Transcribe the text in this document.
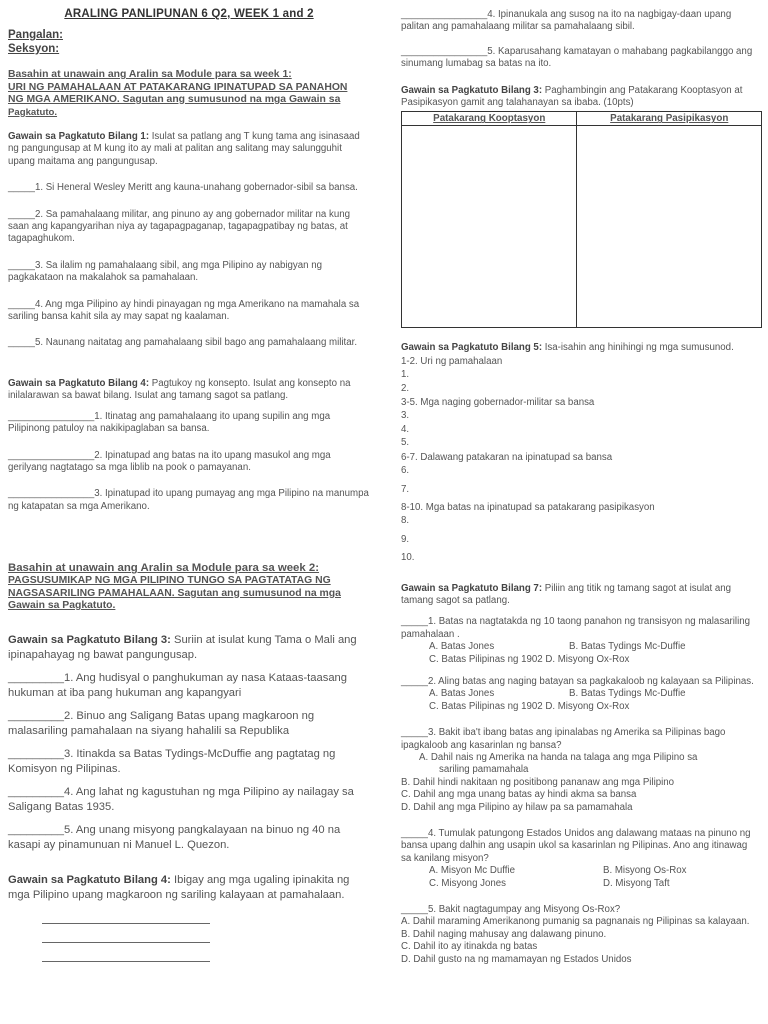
ARALING PANLIPUNAN 6 Q2, WEEK 1 and 2
Pangalan:
Seksyon:
Basahin at unawain ang Aralin sa Module para sa week 1:
URI NG PAMAHALAAN AT PATAKARANG IPINATUPAD SA PANAHON
NG MGA AMERIKANO. Sagutan ang sumusunod na mga Gawain sa
Pagkatuto.
Gawain sa Pagkatuto Bilang 1: Isulat sa patlang ang T kung tama ang isinasaad ng pangungusap at M kung ito ay mali at palitan ang salitang may salungguhit upang maitama ang pangungusap.
_____1. Si Heneral Wesley Meritt ang kauna-unahang gobernador-sibil sa bansa.
_____2. Sa pamahalaang militar, ang pinuno ay ang gobernador militar na kung saan ang kapangyarihan niya ay tagapagpaganap, tagapagpatibay ng batas, at tagapaghukom.
_____3. Sa ilalim ng pamahalaang sibil, ang mga Pilipino ay nabigyan ng pagkakataon na makalahok sa pamahalaan.
_____4. Ang mga Pilipino ay hindi pinayagan ng mga Amerikano na mamahala sa sariling bansa kahit sila ay may sapat ng kaalaman.
_____5. Naunang naitatag ang pamahalaang sibil bago ang pamahalaang militar.
Gawain sa Pagkatuto Bilang 4: Pagtukoy ng konsepto. Isulat ang konsepto na inilalarawan sa bawat bilang. Isulat ang tamang sagot sa patlang.
________________1. Itinatag ang pamahalaang ito upang supilin ang mga Pilipinong patuloy na nakikipaglaban sa bansa.
________________2. Ipinatupad ang batas na ito upang masukol ang mga gerilyang nagtatago sa mga liblib na pook o pamayanan.
________________3. Ipinatupad ito upang pumayag ang mga Pilipino na manumpa ng katapatan sa mga Amerikano.
Basahin at unawain ang Aralin sa Module para sa week 2:
PAGSUSUMIKAP NG MGA PILIPINO TUNGO SA PAGTATATAG NG
NAGSASARILING PAMAHALAAN. Sagutan ang sumusunod na mga
Gawain sa Pagkatuto.
Gawain sa Pagkatuto Bilang 3: Suriin at isulat kung Tama o Mali ang ipinapahayag ng bawat pangungusap.
_________1. Ang hudisyal o panghukuman ay nasa Kataas-taasang hukuman at iba pang hukuman ang kapangyari
_________2. Binuo ang Saligang Batas upang magkaroon ng malasariling pamahalaan na siyang hahalili sa Republika
_________3. Itinakda sa Batas Tydings-McDuffie ang pagtatag ng Komisyon ng Pilipinas.
_________4. Ang lahat ng kagustuhan ng mga Pilipino ay nailagay sa Saligang Batas 1935.
_________5. Ang unang misyong pangkalayaan na binuo ng 40 na kasapi ay pinamunuan ni Manuel L. Quezon.
Gawain sa Pagkatuto Bilang 4: Ibigay ang mga ugaling ipinakita ng mga Pilipino upang magkaroon ng sariling kalayaan at pamahalaan.
________________4. Ipinanukala ang susog na ito na nagbigay-daan upang palitan ang pamahalaang militar sa pamahalaang sibil.
________________5. Kaparusahang kamatayan o mahabang pagkabilanggo ang sinumang lumabag sa batas na ito.
Gawain sa Pagkatuto Bilang 3: Paghambingin ang Patakarang Kooptasyon at Pasipikasyon gamit ang talahanayan sa ibaba. (10pts)
Patakarang Kooptasyon	Patakarang Pasipikasyon

Gawain sa Pagkatuto Bilang 5: Isa-isahin ang hinihingi ng mga sumusunod.
1-2. Uri ng pamahalaan
1.
2.
3-5. Mga naging gobernador-militar sa bansa
3.
4.
5.
6-7. Dalawang patakaran na ipinatupad sa bansa
6.
7.
8-10. Mga batas na ipinatupad sa patakarang pasipikasyon
8.
9.
10.
Gawain sa Pagkatuto Bilang 7: Piliin ang titik ng tamang sagot at isulat ang tamang sagot sa patlang.
_____1. Batas na nagtatakda ng 10 taong panahon ng transisyon ng malasariling pamahalaan .
A. Batas Jones	B. Batas Tydings Mc-Duffie
C. Batas Pilipinas ng 1902 D. Misyong Ox-Rox
_____2. Aling batas ang naging batayan sa pagkakaloob ng kalayaan sa Pilipinas.
A. Batas Jones	B. Batas Tydings Mc-Duffie
C. Batas Pilipinas ng 1902 D. Misyong Ox-Rox
_____3. Bakit iba't ibang batas ang ipinalabas ng Amerika sa Pilipinas bago ipagkaloob ang kasarinlan ng bansa?
A. Dahil nais ng Amerika na handa na talaga ang mga Pilipino sa
sariling pamamahala
B. Dahil hindi nakitaan ng positibong pananaw ang mga Pilipino
C. Dahil ang mga unang batas ay hindi akma sa bansa
D. Dahil ang mga Pilipino ay hilaw pa sa pamamahala
_____4. Tumulak patungong Estados Unidos ang dalawang mataas na pinuno ng bansa upang dalhin ang usapin ukol sa kasarinlan ng Pilipinas. Ano ang itinawag sa kanilang misyon?
A. Misyon Mc Duffie	B. Misyong Os-Rox
C. Misyong Jones	D. Misyong Taft
_____5. Bakit nagtagumpay ang Misyong Os-Rox?
A. Dahil maraming Amerikanong pumanig sa pagnanais ng Pilipinas sa kalayaan.
B. Dahil naging mahusay ang dalawang pinuno.
C. Dahil ito ay itinakda ng batas
D. Dahil gusto na ng mamamayan ng Estados Unidos
